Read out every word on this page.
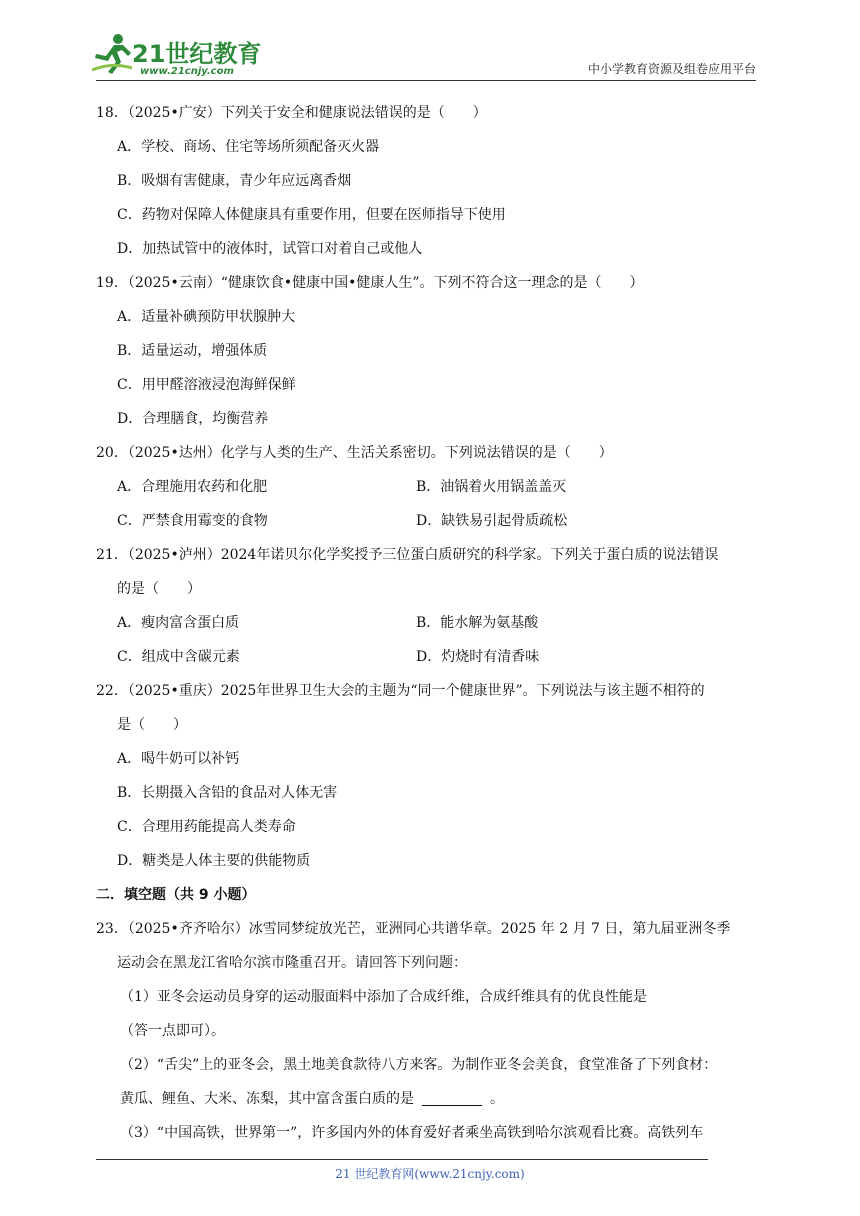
21世纪教育
www.21cnjy.com	中小学教育资源及组卷应用平台
18．（2025•广安）下列关于安全和健康说法错误的是（　　）
A．学校、商场、住宅等场所须配备灭火器
B．吸烟有害健康，青少年应远离香烟
C．药物对保障人体健康具有重要作用，但要在医师指导下使用
D．加热试管中的液体时，试管口对着自己或他人
19．（2025•云南）“健康饮食•健康中国•健康人生”。下列不符合这一理念的是（　　）
A．适量补碘预防甲状腺肿大
B．适量运动，增强体质
C．用甲醛溶液浸泡海鲜保鲜
D．合理膳食，均衡营养
20．（2025•达州）化学与人类的生产、生活关系密切。下列说法错误的是（　　）
A．合理施用农药和化肥	B．油锅着火用锅盖盖灭
C．严禁食用霉变的食物	D．缺铁易引起骨质疏松
21．（2025•泸州）2024年诺贝尔化学奖授予三位蛋白质研究的科学家。下列关于蛋白质的说法错误
的是（　　）
A．瘦肉富含蛋白质	B．能水解为氨基酸
C．组成中含碳元素	D．灼烧时有清香味
22．（2025•重庆）2025年世界卫生大会的主题为“同一个健康世界”。下列说法与该主题不相符的
是（　　）
A．喝牛奶可以补钙
B．长期摄入含铅的食品对人体无害
C．合理用药能提高人类寿命
D．糖类是人体主要的供能物质
二．填空题（共 9 小题）
23．（2025•齐齐哈尔）冰雪同梦绽放光芒，亚洲同心共谱华章。2025 年 2 月 7 日，第九届亚洲冬季
运动会在黑龙江省哈尔滨市隆重召开。请回答下列问题：
（1）亚冬会运动员身穿的运动服面料中添加了合成纤维，合成纤维具有的优良性能是
（答一点即可）。
（2）“舌尖”上的亚冬会，黑土地美食款待八方来客。为制作亚冬会美食，食堂准备了下列食材：
黄瓜、鲤鱼、大米、冻梨，其中富含蛋白质的是	。
（3）“中国高铁，世界第一”，许多国内外的体育爱好者乘坐高铁到哈尔滨观看比赛。高铁列车
21 世纪教育网(www.21cnjy.com)
